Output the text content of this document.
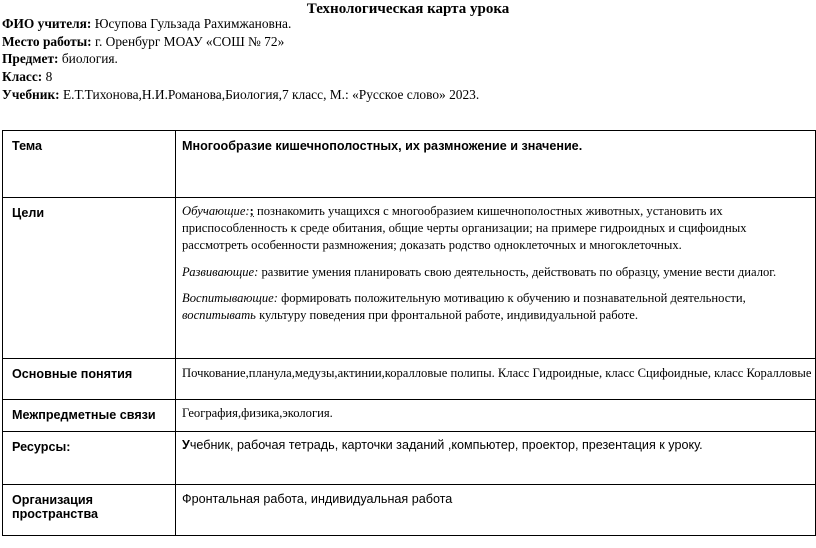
Технологическая карта урока
ФИО учителя: Юсупова Гульзада Рахимжановна.
Место работы: г. Оренбург МОАУ «СОШ № 72»
Предмет: биология.
Класс: 8
Учебник: Е.Т.Тихонова,Н.И.Романова,Биология,7 класс, М.: «Русское слово» 2023.
Тема	Многообразие кишечнополостных, их размножение и значение.

Цели	Обучающие:; познакомить учащихся с многообразием кишечнополостных животных, установить их приспособленность к среде обитания, общие черты организации; на примере гидроидных и сцифоидных рассмотреть особенности размножения; доказать родство одноклеточных и многоклеточных.

Развивающие: развитие умения планировать свою деятельность, действовать по образцу, умение вести диалог.

Воспитывающие: формировать положительную мотивацию к обучению и познавательной деятельности,
воспитывать культуру поведения при фронтальной работе, индивидуальной работе.

Основные понятия	Почкование,планула,медузы,актинии,коралловые полипы. Класс Гидроидные, класс Сцифоидные, класс Коралловые

Межпредметные связи	География,физика,экология.

Ресурсы:	Учебник, рабочая тетрадь, карточки заданий ,компьютер, проектор, презентация к уроку.

Организация пространства	Фронтальная работа, индивидуальная работа
